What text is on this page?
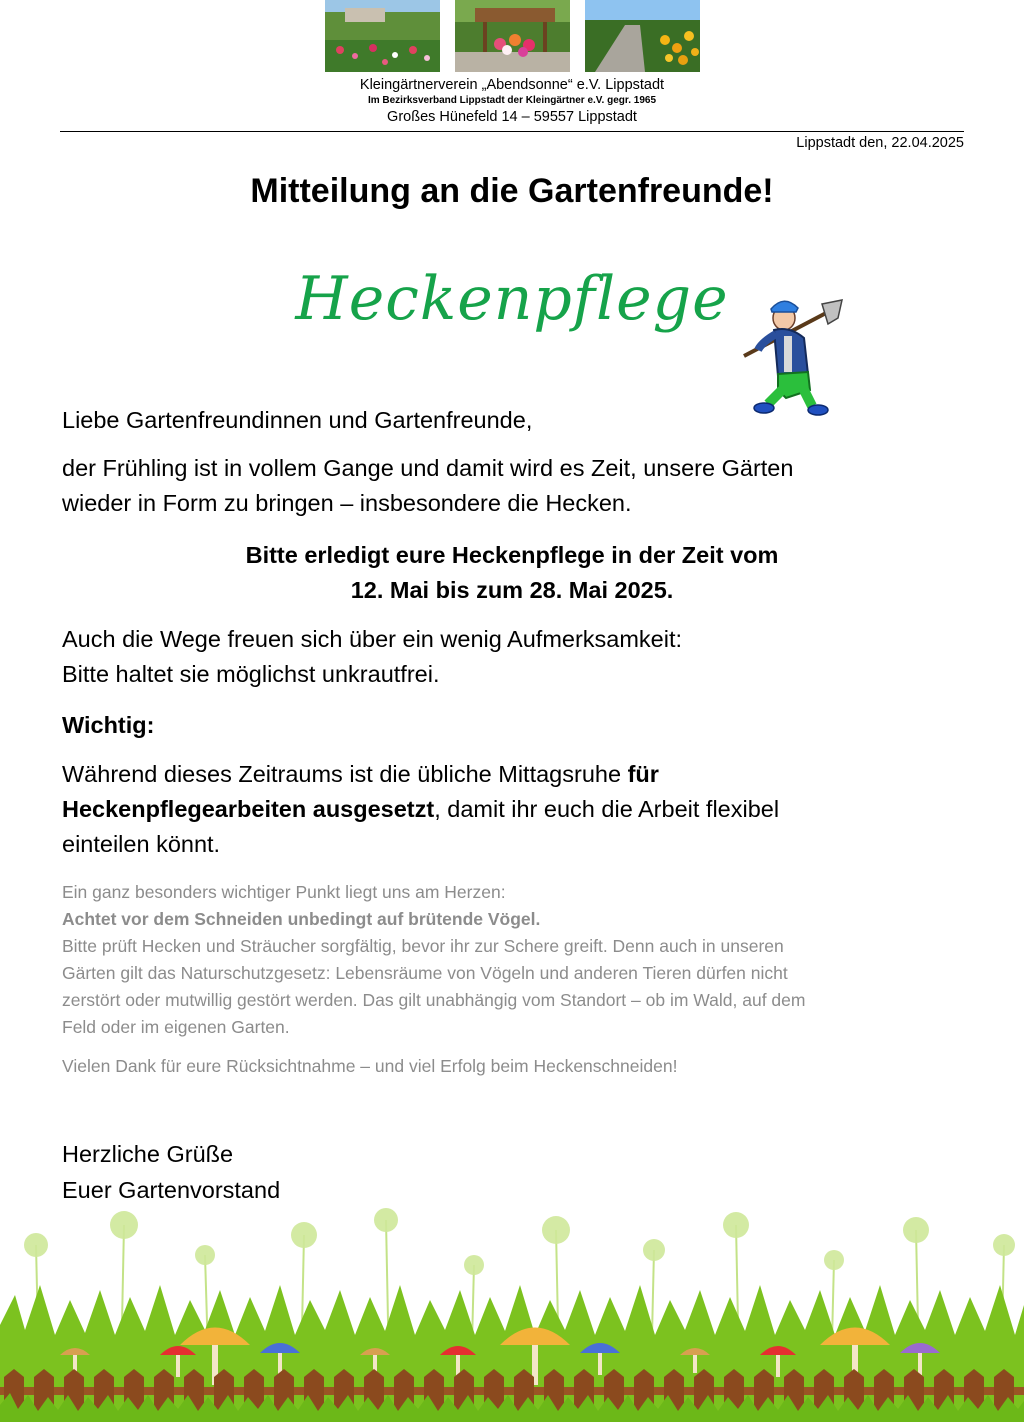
Kleingärtnerverein „Abendsonne“ e.V. Lippstadt
Im Bezirksverband Lippstadt der Kleingärtner e.V. gegr. 1965
Großes Hünefeld 14 – 59557 Lippstadt
Lippstadt den, 22.04.2025
Mitteilung an die Gartenfreunde!
Heckenpflege
Liebe Gartenfreundinnen und Gartenfreunde,
der Frühling ist in vollem Gange und damit wird es Zeit, unsere Gärten
wieder in Form zu bringen – insbesondere die Hecken.
Bitte erledigt eure Heckenpflege in der Zeit vom
12. Mai bis zum 28. Mai 2025.
Auch die Wege freuen sich über ein wenig Aufmerksamkeit:
Bitte haltet sie möglichst unkrautfrei.
Wichtig:
Während dieses Zeitraums ist die übliche Mittagsruhe für
Heckenpflegearbeiten ausgesetzt, damit ihr euch die Arbeit flexibel
einteilen könnt.
Ein ganz besonders wichtiger Punkt liegt uns am Herzen:
Achtet vor dem Schneiden unbedingt auf brütende Vögel.
Bitte prüft Hecken und Sträucher sorgfältig, bevor ihr zur Schere greift. Denn auch in unseren
Gärten gilt das Naturschutzgesetz: Lebensräume von Vögeln und anderen Tieren dürfen nicht
zerstört oder mutwillig gestört werden. Das gilt unabhängig vom Standort – ob im Wald, auf dem
Feld oder im eigenen Garten.
Vielen Dank für eure Rücksichtnahme – und viel Erfolg beim Heckenschneiden!
Herzliche Grüße
Euer Gartenvorstand
